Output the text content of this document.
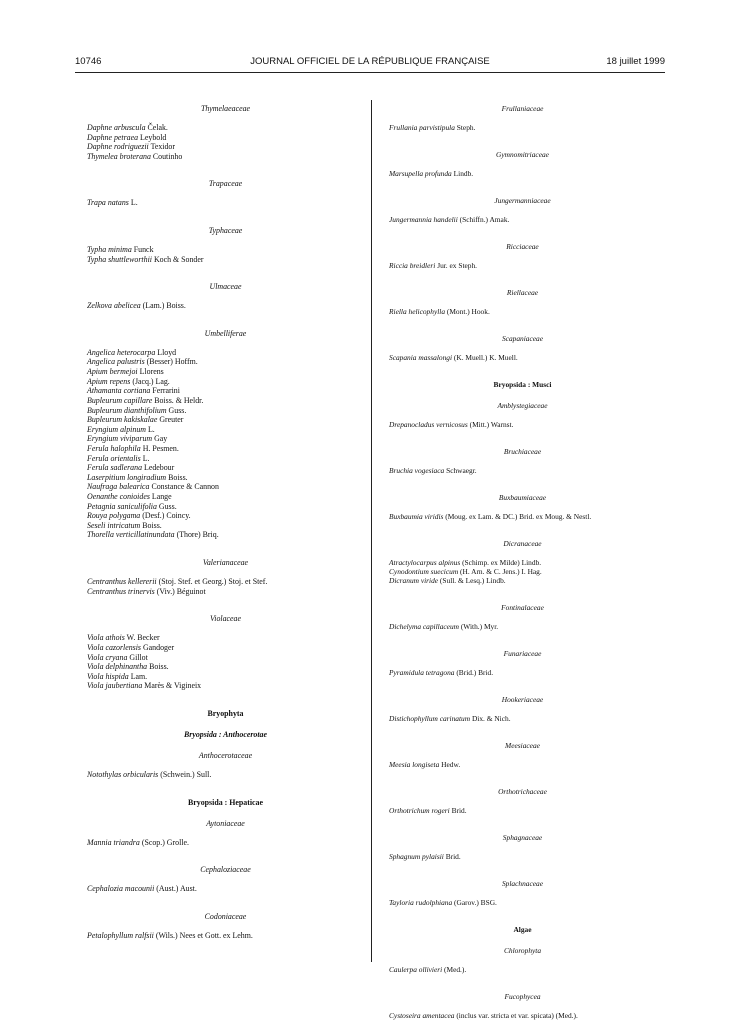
10746	JOURNAL OFFICIEL DE LA RÉPUBLIQUE FRANÇAISE	18 juillet 1999
Thymelaeaceae
Daphne arbuscula Čelak.
Daphne petraea Leybold
Daphne rodriguezii Texidor
Thymelea broterana Coutinho
Trapaceae
Trapa natans L.
Typhaceae
Typha minima Funck
Typha shuttleworthii Koch & Sonder
Ulmaceae
Zelkova abelicea (Lam.) Boiss.
Umbelliferae
Angelica heterocarpa Lloyd
Angelica palustris (Besser) Hoffm.
Apium bermejoi Llorens
Apium repens (Jacq.) Lag.
Athamanta cortiana Ferrarini
Bupleurum capillare Boiss. & Heldr.
Bupleurum dianthifolium Guss.
Bupleurum kakiskalae Greuter
Eryngium alpinum L.
Eryngium viviparum Gay
Ferula halophila H. Pesmen.
Ferula orientalis L.
Ferula sadlerana Ledebour
Laserpitium longiradium Boiss.
Naufraga balearica Constance & Cannon
Oenanthe conioides Lange
Petagnia saniculifolia Guss.
Rouya polygama (Desf.) Coincy.
Seseli intricatum Boiss.
Thorella verticillatinundata (Thore) Briq.
Valerianaceae
Centranthus kellererii (Stoj. Stef. et Georg.) Stoj. et Stef.
Centranthus trinervis (Viv.) Béguinot
Violaceae
Viola athois W. Becker
Viola cazorlensis Gandoger
Viola cryana Gillot
Viola delphinantha Boiss.
Viola hispida Lam.
Viola jaubertiana Marès & Vigineix
Bryophyta
Bryopsida : Anthocerotae
Anthocerotaceae
Notothylas orbicularis (Schwein.) Sull.
Bryopsida : Hepaticae
Aytoniaceae
Mannia triandra (Scop.) Grolle.
Cephaloziaceae
Cephalozia macounii (Aust.) Aust.
Codoniaceae
Petalophyllum ralfsii (Wils.) Nees et Gott. ex Lehm.
Frullaniaceae
Frullania parvistipula Steph.
Gymnomitriaceae
Marsupella profunda Lindb.
Jungermanniaceae
Jungermannia handelii (Schiffn.) Amak.
Ricciaceae
Riccia breidleri Jur. ex Steph.
Riellaceae
Riella helicophylla (Mont.) Hook.
Scapaniaceae
Scapania massalongi (K. Muell.) K. Muell.
Bryopsida : Musci
Amblystegiaceae
Drepanocladus vernicosus (Mitt.) Warnst.
Bruchiaceae
Bruchia vogesiaca Schwaegr.
Buxbaumiaceae
Buxbaumia viridis (Moug. ex Lam. & DC.) Brid. ex Moug. & Nestl.
Dicranaceae
Atractylocarpus alpinus (Schimp. ex Milde) Lindb.
Cynodontium suecicum (H. Arn. & C. Jens.) I. Hag.
Dicranum viride (Sull. & Lesq.) Lindb.
Fontinalaceae
Dichelyma capillaceum (With.) Myr.
Funariaceae
Pyramidula tetragona (Brid.) Brid.
Hookeriaceae
Distichophyllum carinatum Dix. & Nich.
Meesiaceae
Meesia longiseta Hedw.
Orthotrichaceae
Orthotrichum rogeri Brid.
Sphagnaceae
Sphagnum pylaisii Brid.
Splachnaceae
Tayloria rudolphiana (Garov.) BSG.
Algae
Chlorophyta
Caulerpa ollivieri (Med.).
Fucophycea
Cystoseira amentacea (inclus var. stricta et var. spicata) (Med.).
